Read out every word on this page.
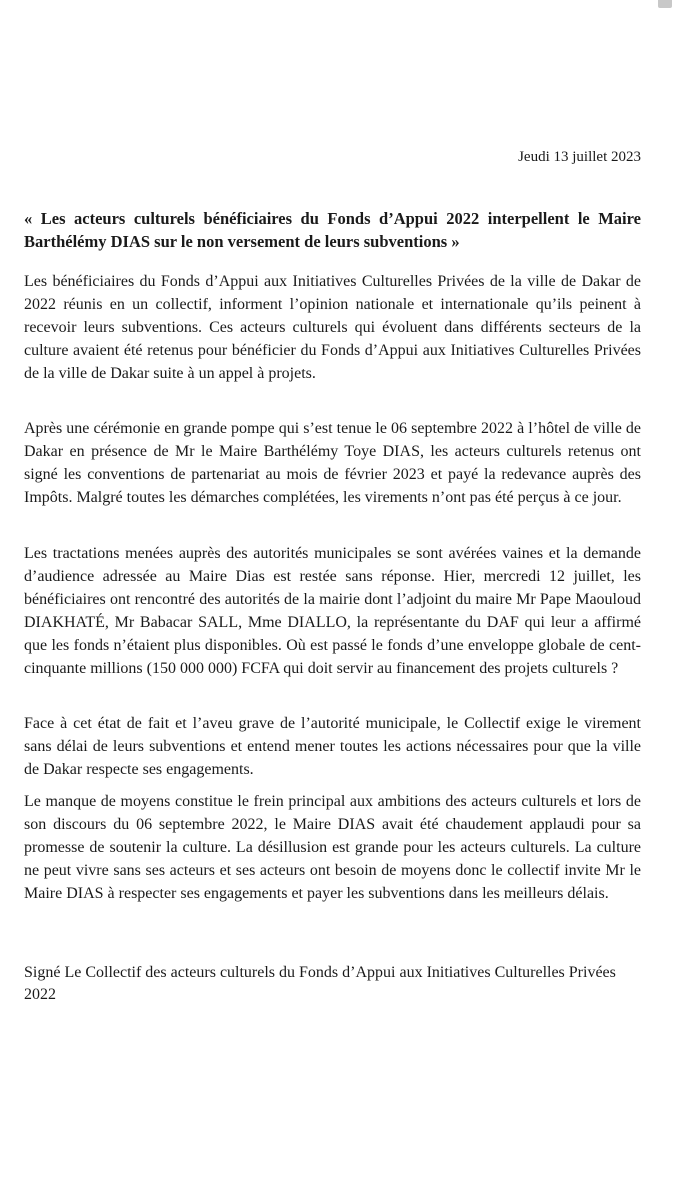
Jeudi 13 juillet 2023
« Les acteurs culturels bénéficiaires du Fonds d’Appui 2022 interpellent le Maire Barthélémy DIAS sur le non versement de leurs subventions »
Les bénéficiaires du Fonds d’Appui aux Initiatives Culturelles Privées de la ville de Dakar de 2022 réunis en un collectif, informent l’opinion nationale et internationale qu’ils peinent à recevoir leurs subventions. Ces acteurs culturels qui évoluent dans différents secteurs de la culture avaient été retenus pour bénéficier du Fonds d’Appui aux Initiatives Culturelles Privées de la ville de Dakar suite à un appel à projets.
Après une cérémonie en grande pompe qui s’est tenue le 06 septembre 2022 à l’hôtel de ville de Dakar en présence de Mr le Maire Barthélémy Toye DIAS, les acteurs culturels retenus ont signé les conventions de partenariat au mois de février 2023 et payé la redevance auprès des Impôts. Malgré toutes les démarches complétées, les virements n’ont pas été perçus à ce jour.
Les tractations menées auprès des autorités municipales se sont avérées vaines et la demande d’audience adressée au Maire Dias est restée sans réponse. Hier, mercredi 12 juillet, les bénéficiaires ont rencontré des autorités de la mairie dont l’adjoint du maire Mr Pape Maouloud DIAKHATÉ, Mr Babacar SALL, Mme DIALLO, la représentante du DAF qui leur a affirmé que les fonds n’étaient plus disponibles. Où est passé le fonds d’une enveloppe globale de cent-cinquante millions (150 000 000) FCFA qui doit servir au financement des projets culturels ?
Face à cet état de fait et l’aveu grave de l’autorité municipale, le Collectif exige le virement sans délai de leurs subventions et entend mener toutes les actions nécessaires pour que la ville de Dakar respecte ses engagements.
Le manque de moyens constitue le frein principal aux ambitions des acteurs culturels et lors de son discours du 06 septembre 2022, le Maire DIAS avait été chaudement applaudi pour sa promesse de soutenir la culture. La désillusion est grande pour les acteurs culturels. La culture ne peut vivre sans ses acteurs et ses acteurs ont besoin de moyens donc le collectif invite Mr le Maire DIAS à respecter ses engagements et payer les subventions dans les meilleurs délais.
Signé Le Collectif des acteurs culturels du Fonds d’Appui aux Initiatives Culturelles Privées 2022
